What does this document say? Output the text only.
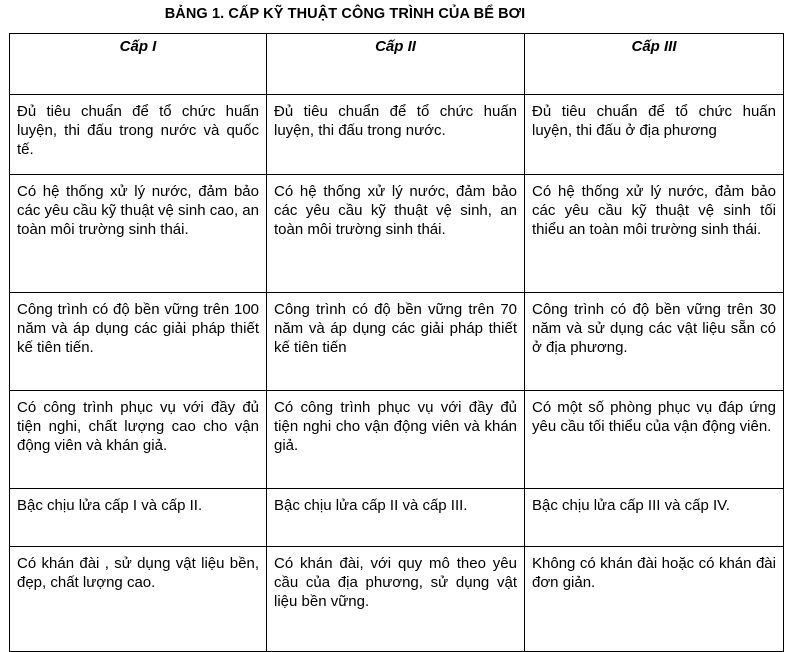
BẢNG 1. CẤP KỸ THUẬT CÔNG TRÌNH CỦA BỂ BƠI
Cấp I	Cấp II	Cấp III
Đủ tiêu chuẩn để tổ chức huấn luyện, thi đấu trong nước và quốc tế.	Đủ tiêu chuẩn để tổ chức huấn luyện, thi đấu trong nước.	Đủ tiêu chuẩn để tổ chức huấn luyện, thi đấu ở địa phương
Có hệ thống xử lý nước, đảm bảo các yêu cầu kỹ thuật vệ sinh cao, an toàn môi trường sinh thái.	Có hệ thống xử lý nước, đảm bảo các yêu cầu kỹ thuật vệ sinh, an toàn môi trường sinh thái.	Có hệ thống xử lý nước, đảm bảo các yêu cầu kỹ thuật vệ sinh tối thiểu an toàn môi trường sinh thái.
Công trình có độ bền vững trên 100 năm và áp dụng các giải pháp thiết kế tiên tiến.	Công trình có độ bền vững trên 70 năm và áp dụng các giải pháp thiết kế tiên tiến	Công trình có độ bền vững trên 30 năm và sử dụng các vật liệu sẵn có ở địa phương.
Có công trình phục vụ với đầy đủ tiện nghi, chất lượng cao cho vận động viên và khán giả.	Có công trình phục vụ với đầy đủ tiện nghi cho vận động viên và khán giả.	Có một số phòng phục vụ đáp ứng yêu cầu tối thiểu của vận động viên.
Bậc chịu lửa cấp I và cấp II.	Bậc chịu lửa cấp II và cấp III.	Bậc chịu lửa cấp III và cấp IV.
Có khán đài , sử dụng vật liệu bền, đẹp, chất lượng cao.	Có khán đài, với quy mô theo yêu cầu của địa phương, sử dụng vật liệu bền vững.	Không có khán đài hoặc có khán đài đơn giản.
